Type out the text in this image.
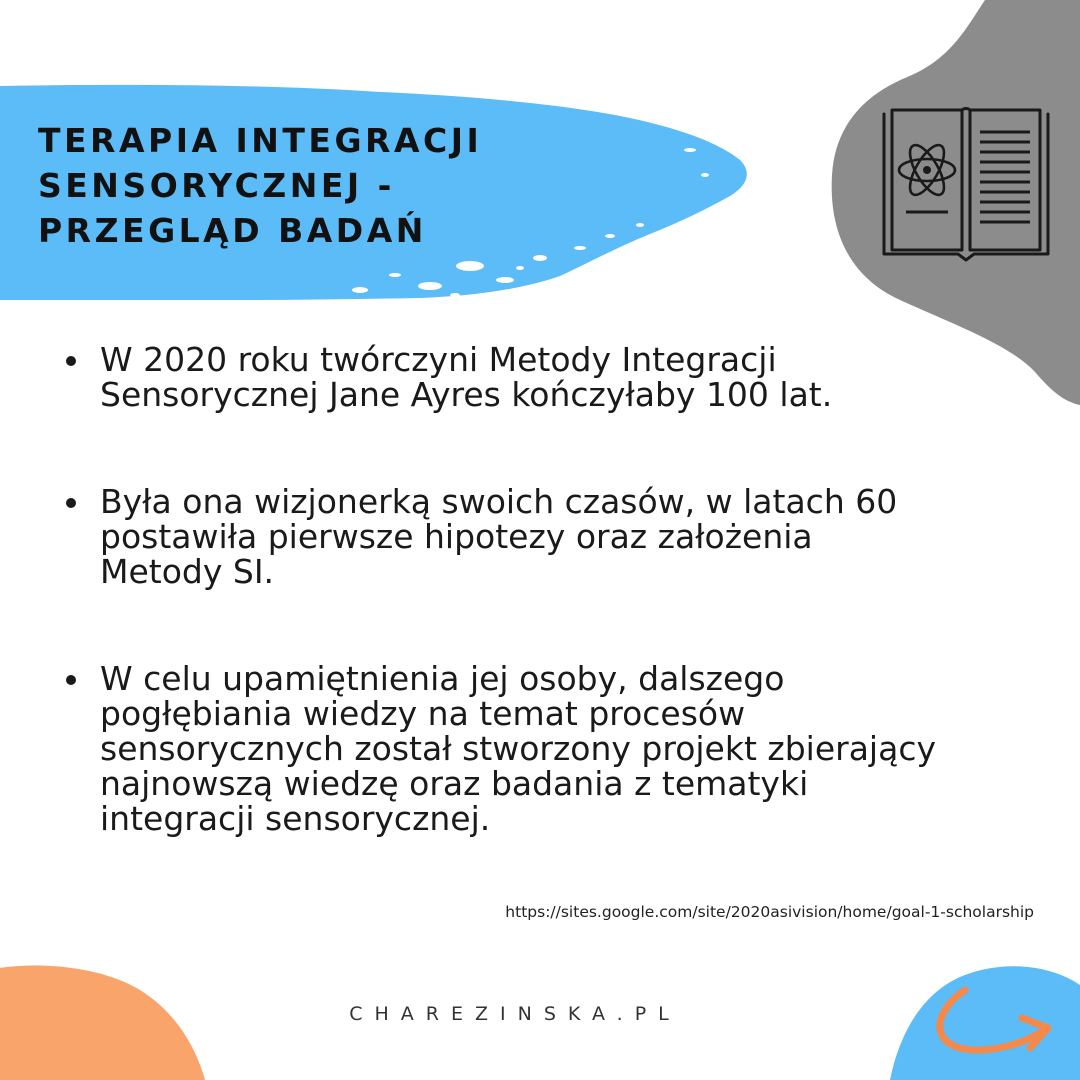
TERAPIA INTEGRACJI
SENSORYCZNEJ -
PRZEGLĄD BADAŃ
W 2020 roku twórczyni Metody Integracji
Sensorycznej Jane Ayres kończyłaby 100 lat.
Była ona wizjonerką swoich czasów, w latach 60
postawiła pierwsze hipotezy oraz założenia
Metody SI.
W celu upamiętnienia jej osoby, dalszego
pogłębiania wiedzy na temat procesów
sensorycznych został stworzony projekt zbierający
najnowszą wiedzę oraz badania z tematyki
integracji sensorycznej.
https://sites.google.com/site/2020asivision/home/goal-1-scholarship
CHAREZINSKA.PL
